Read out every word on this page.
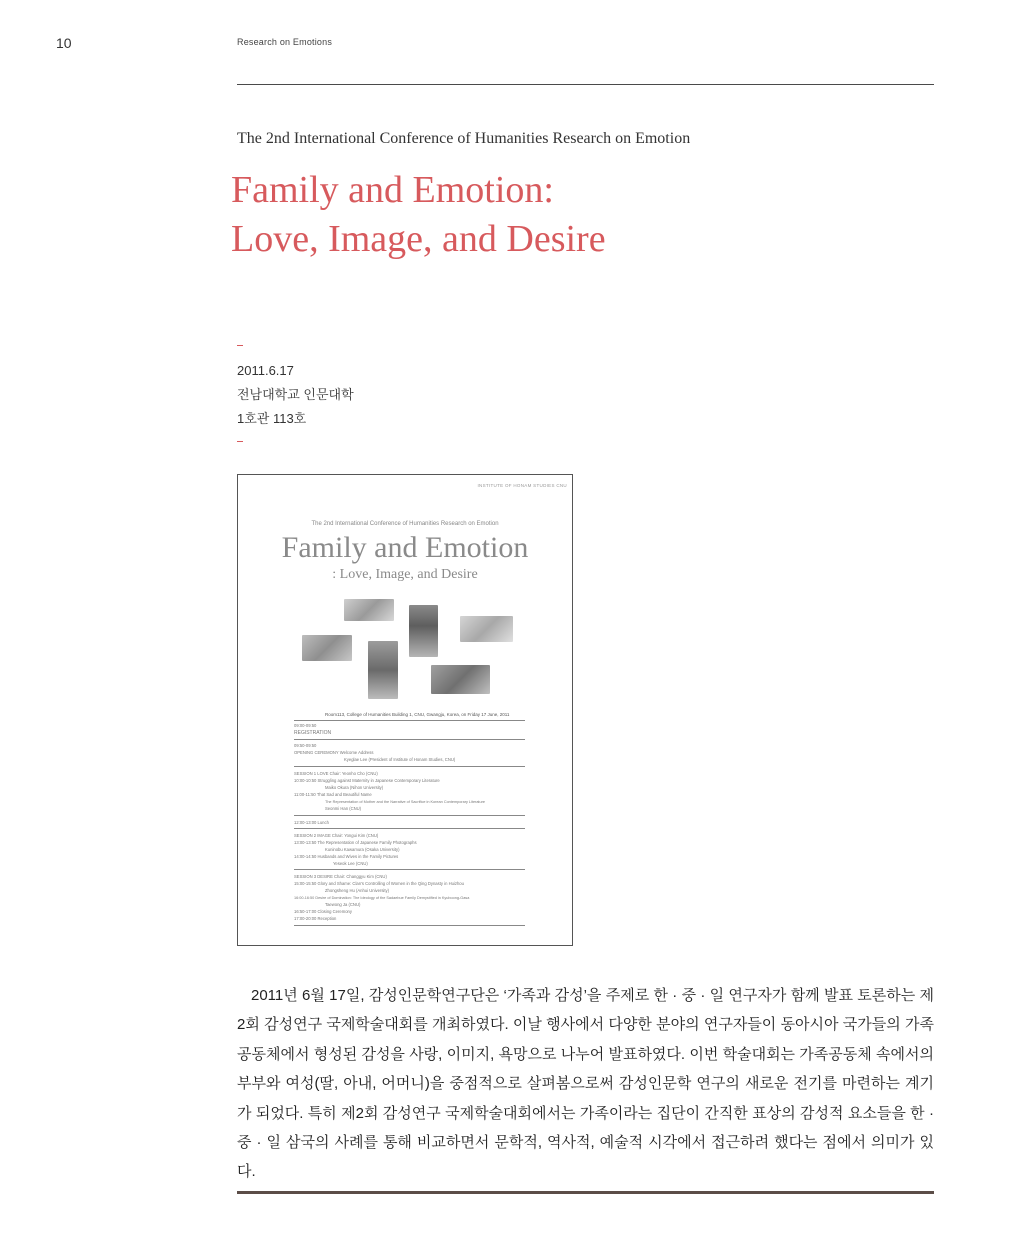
10	Research on Emotions
The 2nd International Conference of Humanities Research on Emotion
Family and Emotion:
Love, Image, and Desire
2011.6.17
전남대학교 인문대학
1호관 113호
INSTITUTE OF HONAM STUDIES CNU
The 2nd International Conference of Humanities Research on Emotion
Family and Emotion
: Love, Image, and Desire
Room113, College of Humanities Building 1, CNU, Gwangju, Korea, on Friday 17 June, 2011
09:00-09:50
REGISTRATION
09:50-09:50
OPENING CEREMONY Welcome Address
Kyeglae Lee (President of Institute of Honam Studies, CNU)
SESSION 1 LOVE Chair: Yeonho Cho (CNU)
10:00-10:50 Struggling against Maternity in Japanese Contemporary Literature
Maiko Okura (Nihon University)
11:00-11:50 That Sad and Beautiful Name
The Representation of Mother and the Narrative of Sacrifice in Korean Contemporary Literature
Seonmi Han (CNU)
12:00-13:00 Lunch
SESSION 2 IMAGE Chair: Yongui Kim (CNU)
13:00-13:50 The Representation of Japanese Family Photographs
Kuninobu Kawamura (Osaka University)
14:00-14:50 Husbands and Wives in the Family Pictures
Yeseok Lee (CNU)
SESSION 3 DESIRE Chair: Changgyu Kim (CNU)
15:00-15:50 Glory and Shame: Clan's Controlling of Women in the Qing Dynasty in Huizhou
Zhongsheng Hu (Anhui University)
16:00-16:50 Desire of Domination: The Ideology of the Sadaebue Family Demystified in Kyuboong-Gasa
Taewong Ja (CNU)
16:50-17:00 Closing Ceremony
17:00-20:00 Reception
2011년 6월 17일, 감성인문학연구단은 ‘가족과 감성’을 주제로 한 · 중 · 일 연구자가 함께 발표 토론하는 제2회 감성연구 국제학술대회를 개최하였다. 이날 행사에서 다양한 분야의 연구자들이 동아시아 국가들의 가족공동체에서 형성된 감성을 사랑, 이미지, 욕망으로 나누어 발표하였다. 이번 학술대회는 가족공동체 속에서의 부부와 여성(딸, 아내, 어머니)을 중점적으로 살펴봄으로써 감성인문학 연구의 새로운 전기를 마련하는 계기가 되었다. 특히 제2회 감성연구 국제학술대회에서는 가족이라는 집단이 간직한 표상의 감성적 요소들을 한 · 중 · 일 삼국의 사례를 통해 비교하면서 문학적, 역사적, 예술적 시각에서 접근하려 했다는 점에서 의미가 있다.
